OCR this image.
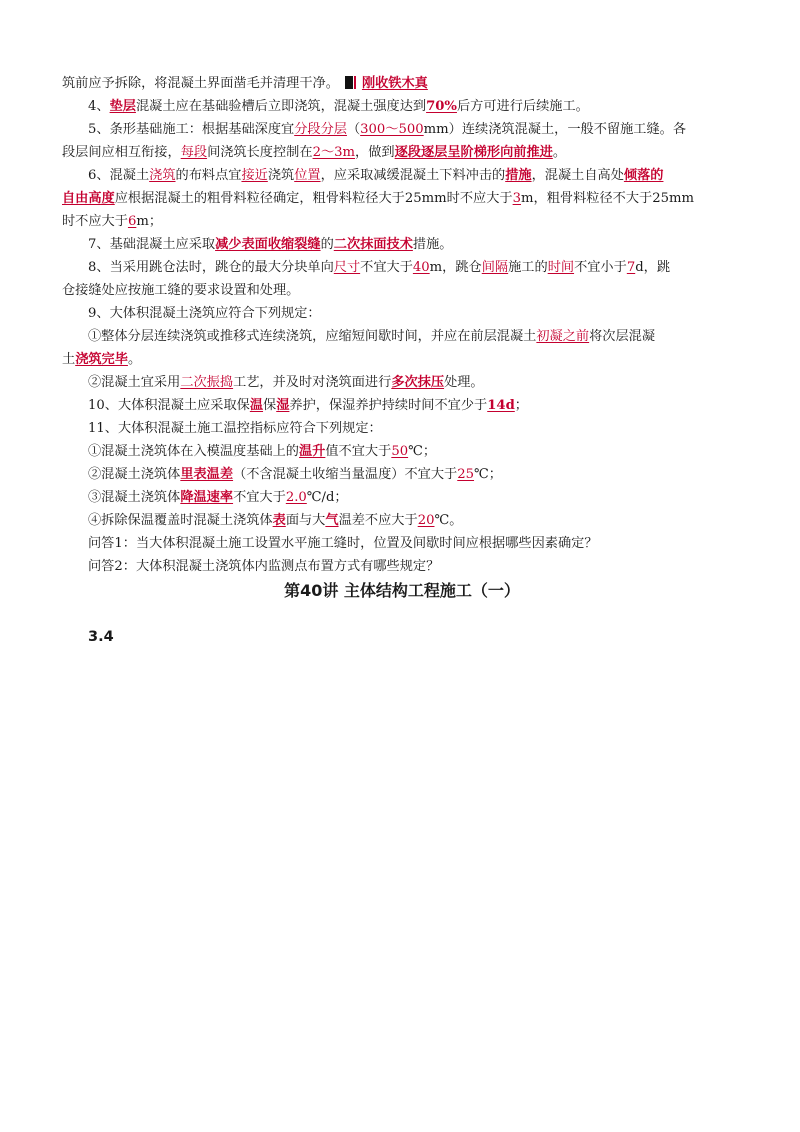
筑前应予拆除，将混凝土界面凿毛并清理干净。 刚收铁木真

4、垫层混凝土应在基础验槽后立即浇筑，混凝土强度达到70%后方可进行后续施工。

5、条形基础施工：根据基础深度宜分段分层（300～500mm）连续浇筑混凝土，一般不留施工缝。各

段层间应相互衔接，每段间浇筑长度控制在2～3m，做到逐段逐层呈阶梯形向前推进。

6、混凝土浇筑的布料点宜接近浇筑位置，应采取减缓混凝土下料冲击的措施，混凝土自高处倾落的

自由高度应根据混凝土的粗骨料粒径确定，粗骨料粒径大于25mm时不应大于3m，粗骨料粒径不大于25mm

时不应大于6m；

7、基础混凝土应采取减少表面收缩裂缝的二次抹面技术措施。

8、当采用跳仓法时，跳仓的最大分块单向尺寸不宜大于40m，跳仓间隔施工的时间不宜小于7d，跳

仓接缝处应按施工缝的要求设置和处理。

9、大体积混凝土浇筑应符合下列规定：

①整体分层连续浇筑或推移式连续浇筑，应缩短间歇时间，并应在前层混凝土初凝之前将次层混凝

土浇筑完毕。

②混凝土宜采用二次振捣工艺，并及时对浇筑面进行多次抹压处理。

10、大体积混凝土应采取保温保湿养护，保湿养护持续时间不宜少于14d；

11、大体积混凝土施工温控指标应符合下列规定：

①混凝土浇筑体在入模温度基础上的温升值不宜大于50℃；

②混凝土浇筑体里表温差（不含混凝土收缩当量温度）不宜大于25℃；

③混凝土浇筑体降温速率不宜大于2.0℃/d；

④拆除保温覆盖时混凝土浇筑体表面与大气温差不应大于20℃。

问答1：当大体积混凝土施工设置水平施工缝时，位置及间歇时间应根据哪些因素确定？

问答2：大体积混凝土浇筑体内监测点布置方式有哪些规定？

第40讲 主体结构工程施工（一）
3.4
